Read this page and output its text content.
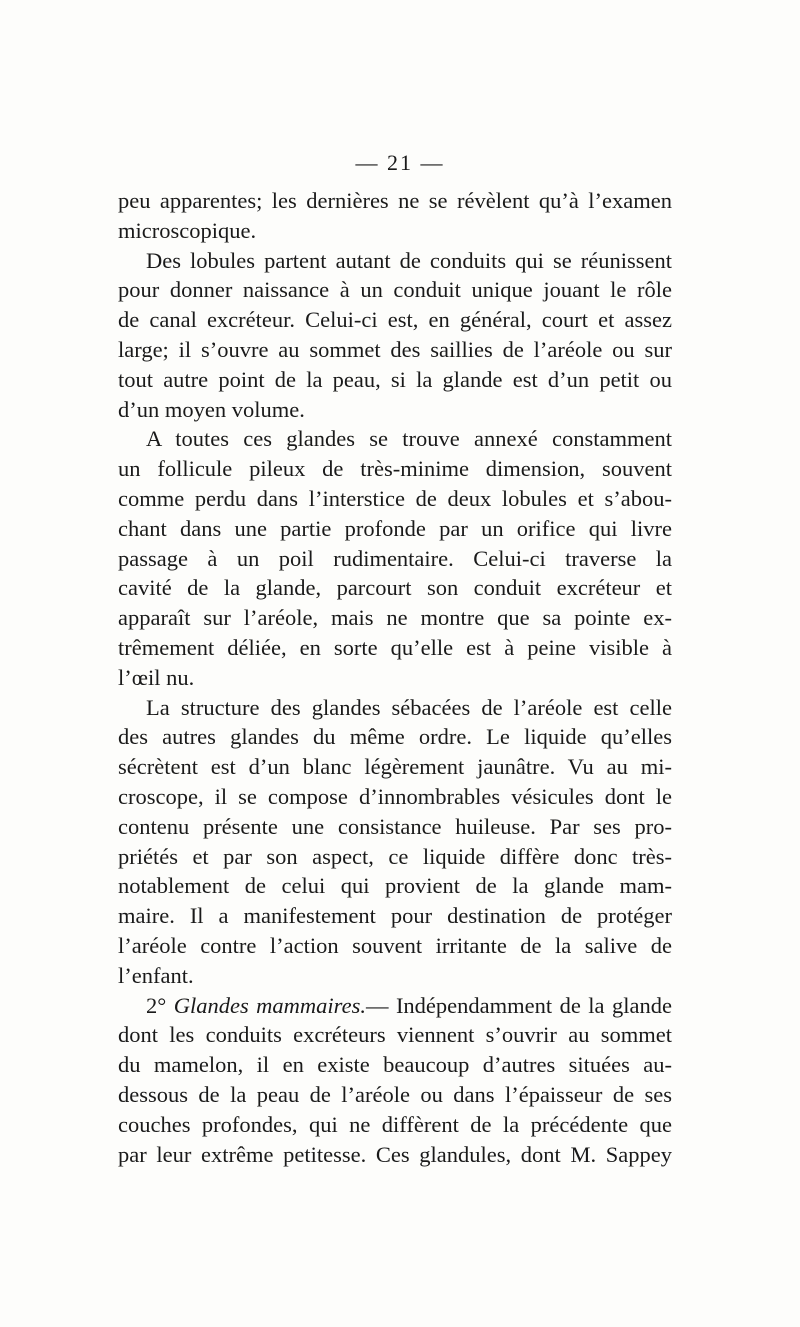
— 21 —
peu apparentes; les dernières ne se révèlent qu’à l’examen
microscopique.
Des lobules partent autant de conduits qui se réunissent
pour donner naissance à un conduit unique jouant le rôle
de canal excréteur. Celui-ci est, en général, court et assez
large; il s’ouvre au sommet des saillies de l’aréole ou sur
tout autre point de la peau, si la glande est d’un petit ou
d’un moyen volume.
A toutes ces glandes se trouve annexé constamment
un follicule pileux de très-minime dimension, souvent
comme perdu dans l’interstice de deux lobules et s’abou-
chant dans une partie profonde par un orifice qui livre
passage à un poil rudimentaire. Celui-ci traverse la
cavité de la glande, parcourt son conduit excréteur et
apparaît sur l’aréole, mais ne montre que sa pointe ex-
trêmement déliée, en sorte qu’elle est à peine visible à
l’œil nu.
La structure des glandes sébacées de l’aréole est celle
des autres glandes du même ordre. Le liquide qu’elles
sécrètent est d’un blanc légèrement jaunâtre. Vu au mi-
croscope, il se compose d’innombrables vésicules dont le
contenu présente une consistance huileuse. Par ses pro-
priétés et par son aspect, ce liquide diffère donc très-
notablement de celui qui provient de la glande mam-
maire. Il a manifestement pour destination de protéger
l’aréole contre l’action souvent irritante de la salive de
l’enfant.
2° Glandes mammaires.— Indépendamment de la glande
dont les conduits excréteurs viennent s’ouvrir au sommet
du mamelon, il en existe beaucoup d’autres situées au-
dessous de la peau de l’aréole ou dans l’épaisseur de ses
couches profondes, qui ne diffèrent de la précédente que
par leur extrême petitesse. Ces glandules, dont M. Sappey
